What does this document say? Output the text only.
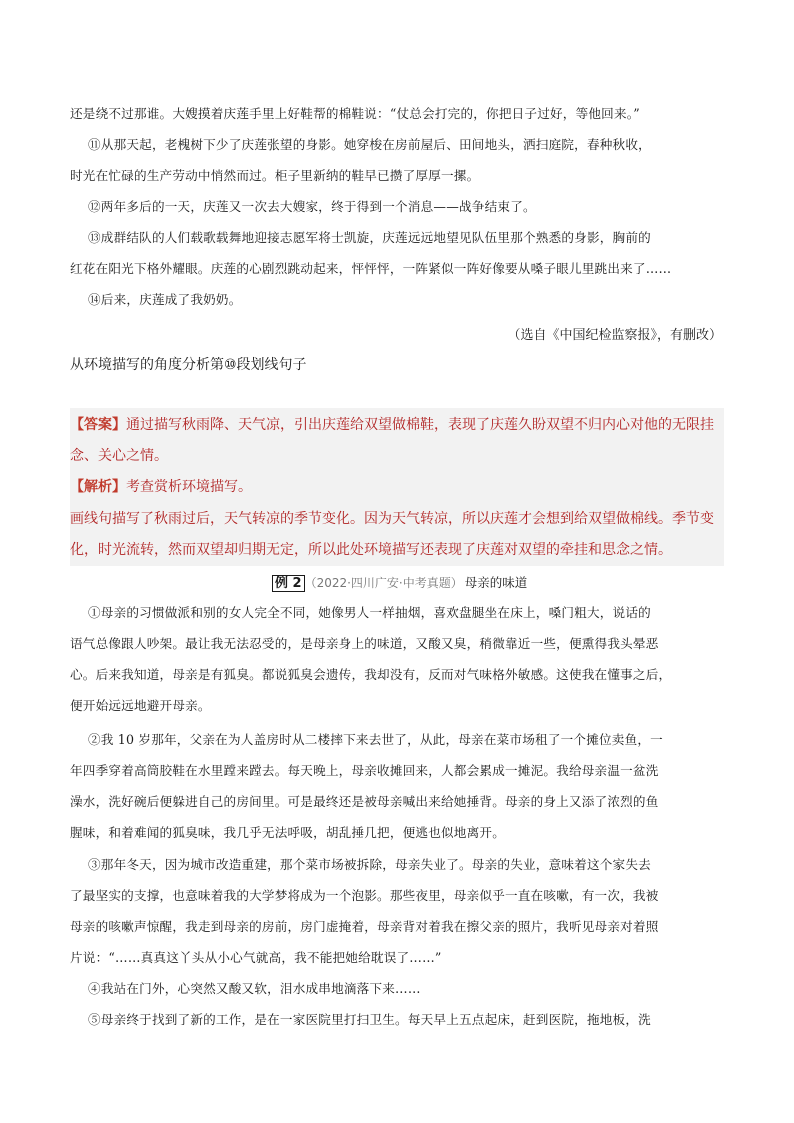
还是绕不过那谁。大嫂摸着庆莲手里上好鞋帮的棉鞋说：“仗总会打完的，你把日子过好，等他回来。”
⑪从那天起，老槐树下少了庆莲张望的身影。她穿梭在房前屋后、田间地头，洒扫庭院，春种秋收，
时光在忙碌的生产劳动中悄然而过。柜子里新纳的鞋早已攒了厚厚一摞。
⑫两年多后的一天，庆莲又一次去大嫂家，终于得到一个消息——战争结束了。
⑬成群结队的人们载歌载舞地迎接志愿军将士凯旋，庆莲远远地望见队伍里那个熟悉的身影，胸前的
红花在阳光下格外耀眼。庆莲的心剧烈跳动起来，怦怦怦，一阵紧似一阵好像要从嗓子眼儿里跳出来了……
⑭后来，庆莲成了我奶奶。
（选自《中国纪检监察报》，有删改）
从环境描写的角度分析第⑩段划线句子
【答案】通过描写秋雨降、天气凉，引出庆莲给双望做棉鞋，表现了庆莲久盼双望不归内心对他的无限挂
念、关心之情。
【解析】考查赏析环境描写。
画线句描写了秋雨过后，天气转凉的季节变化。因为天气转凉，所以庆莲才会想到给双望做棉线。季节变
化，时光流转，然而双望却归期无定，所以此处环境描写还表现了庆莲对双望的牵挂和思念之情。
例 2 （2022·四川广安·中考真题） 母亲的味道
①母亲的习惯做派和别的女人完全不同，她像男人一样抽烟，喜欢盘腿坐在床上，嗓门粗大，说话的
语气总像跟人吵架。最让我无法忍受的，是母亲身上的味道，又酸又臭，稍微靠近一些，便熏得我头晕恶
心。后来我知道，母亲是有狐臭。都说狐臭会遗传，我却没有，反而对气味格外敏感。这使我在懂事之后，
便开始远远地避开母亲。
②我 10 岁那年，父亲在为人盖房时从二楼摔下来去世了，从此，母亲在菜市场租了一个摊位卖鱼，一
年四季穿着高筒胶鞋在水里蹚来蹚去。每天晚上，母亲收摊回来，人都会累成一摊泥。我给母亲温一盆洗
澡水，洗好碗后便躲进自己的房间里。可是最终还是被母亲喊出来给她捶背。母亲的身上又添了浓烈的鱼
腥味，和着难闻的狐臭味，我几乎无法呼吸，胡乱捶几把，便逃也似地离开。
③那年冬天，因为城市改造重建，那个菜市场被拆除，母亲失业了。母亲的失业，意味着这个家失去
了最坚实的支撑，也意味着我的大学梦将成为一个泡影。那些夜里，母亲似乎一直在咳嗽，有一次，我被
母亲的咳嗽声惊醒，我走到母亲的房前，房门虚掩着，母亲背对着我在擦父亲的照片，我听见母亲对着照
片说：“……真真这丫头从小心气就高，我不能把她给耽误了……”
④我站在门外，心突然又酸又软，泪水成串地滴落下来……
⑤母亲终于找到了新的工作，是在一家医院里打扫卫生。每天早上五点起床，赶到医院，拖地板，洗
